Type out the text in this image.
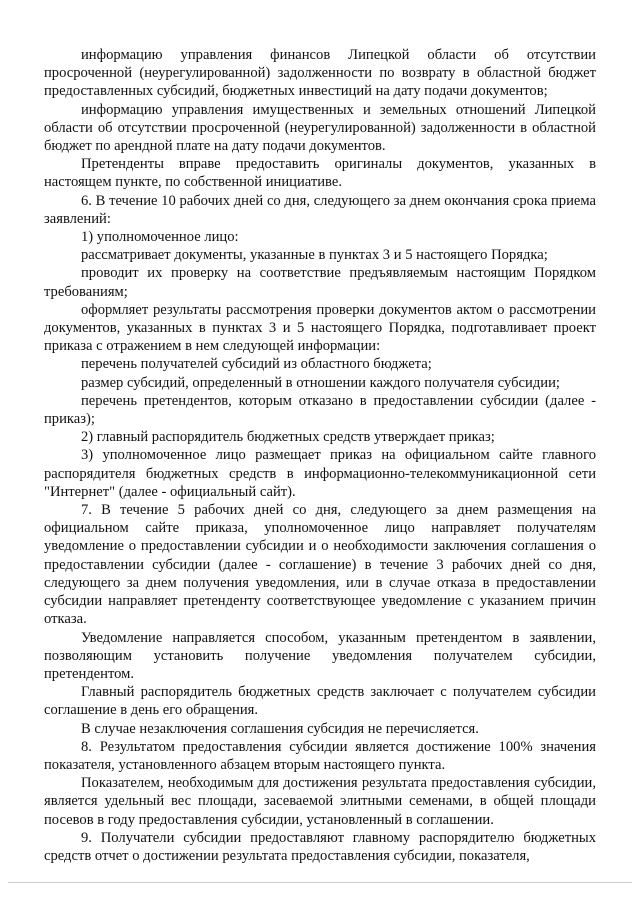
информацию управления финансов Липецкой области об отсутствии просроченной (неурегулированной) задолженности по возврату в областной бюджет предоставленных субсидий, бюджетных инвестиций на дату подачи документов;

информацию управления имущественных и земельных отношений Липецкой области об отсутствии просроченной (неурегулированной) задолженности в областной бюджет по арендной плате на дату подачи документов.

Претенденты вправе предоставить оригиналы документов, указанных в настоящем пункте, по собственной инициативе.

6. В течение 10 рабочих дней со дня, следующего за днем окончания срока приема заявлений:

1) уполномоченное лицо:

рассматривает документы, указанные в пунктах 3 и 5 настоящего Порядка;

проводит их проверку на соответствие предъявляемым настоящим Порядком требованиям;

оформляет результаты рассмотрения проверки документов актом о рассмотрении документов, указанных в пунктах 3 и 5 настоящего Порядка, подготавливает проект приказа с отражением в нем следующей информации:

перечень получателей субсидий из областного бюджета;

размер субсидий, определенный в отношении каждого получателя субсидии;

перечень претендентов, которым отказано в предоставлении субсидии (далее - приказ);

2) главный распорядитель бюджетных средств утверждает приказ;

3) уполномоченное лицо размещает приказ на официальном сайте главного распорядителя бюджетных средств в информационно-телекоммуникационной сети "Интернет" (далее - официальный сайт).

7. В течение 5 рабочих дней со дня, следующего за днем размещения на официальном сайте приказа, уполномоченное лицо направляет получателям уведомление о предоставлении субсидии и о необходимости заключения соглашения о предоставлении субсидии (далее - соглашение) в течение 3 рабочих дней со дня, следующего за днем получения уведомления, или в случае отказа в предоставлении субсидии направляет претенденту соответствующее уведомление с указанием причин отказа.

Уведомление направляется способом, указанным претендентом в заявлении, позволяющим установить получение уведомления получателем субсидии, претендентом.

Главный распорядитель бюджетных средств заключает с получателем субсидии соглашение в день его обращения.

В случае незаключения соглашения субсидия не перечисляется.

8. Результатом предоставления субсидии является достижение 100% значения показателя, установленного абзацем вторым настоящего пункта.

Показателем, необходимым для достижения результата предоставления субсидии, является удельный вес площади, засеваемой элитными семенами, в общей площади посевов в году предоставления субсидии, установленный в соглашении.

9. Получатели субсидии предоставляют главному распорядителю бюджетных средств отчет о достижении результата предоставления субсидии, показателя,
